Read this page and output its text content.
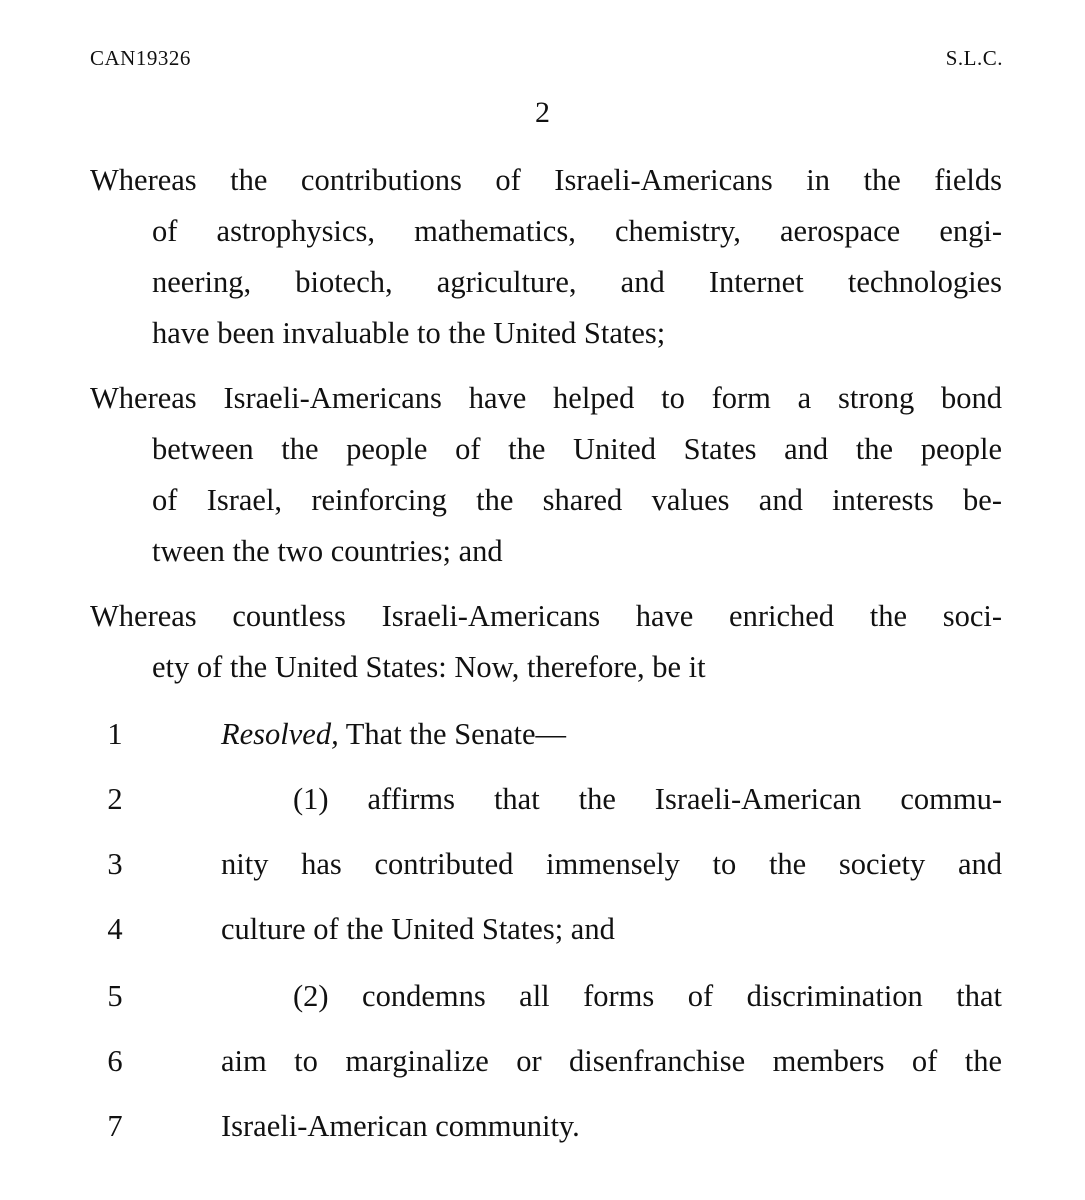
CAN19326	S.L.C.
2
Whereas the contributions of Israeli-Americans in the fields
of astrophysics, mathematics, chemistry, aerospace engi-
neering, biotech, agriculture, and Internet technologies
have been invaluable to the United States;
Whereas Israeli-Americans have helped to form a strong bond
between the people of the United States and the people
of Israel, reinforcing the shared values and interests be-
tween the two countries; and
Whereas countless Israeli-Americans have enriched the soci-
ety of the United States: Now, therefore, be it
1	Resolved, That the Senate—
2	(1) affirms that the Israeli-American commu-
3	nity has contributed immensely to the society and
4	culture of the United States; and
5	(2) condemns all forms of discrimination that
6	aim to marginalize or disenfranchise members of the
7	Israeli-American community.
